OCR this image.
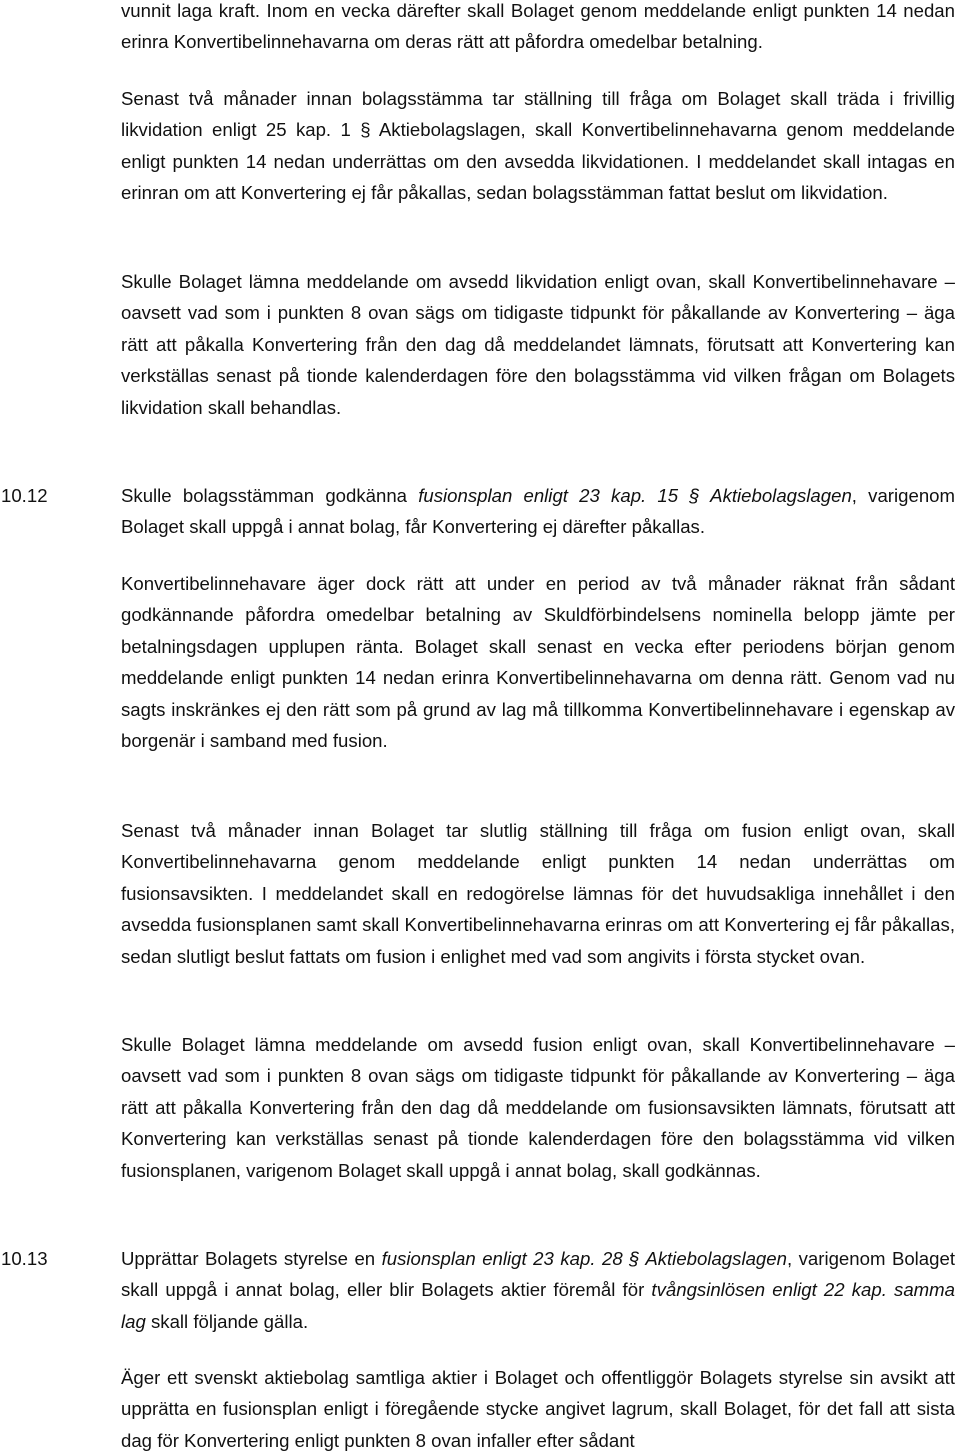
vunnit laga kraft. Inom en vecka därefter skall Bolaget genom meddelande enligt punkten 14 nedan erinra Konvertibelinnehavarna om deras rätt att påfordra omedelbar betalning.

Senast två månader innan bolagsstämma tar ställning till fråga om Bolaget skall träda i frivillig likvidation enligt 25 kap. 1 § Aktiebolagslagen, skall Konvertibelinnehavarna genom meddelande enligt punkten 14 nedan underrättas om den avsedda likvidationen. I meddelandet skall intagas en erinran om att Konvertering ej får påkallas, sedan bolagsstämman fattat beslut om likvidation.

Skulle Bolaget lämna meddelande om avsedd likvidation enligt ovan, skall Konvertibelinnehavare – oavsett vad som i punkten 8 ovan sägs om tidigaste tidpunkt för påkallande av Konvertering – äga rätt att påkalla Konvertering från den dag då meddelandet lämnats, förutsatt att Konvertering kan verkställas senast på tionde kalenderdagen före den bolagsstämma vid vilken frågan om Bolagets likvidation skall behandlas.

10.12	Skulle bolagsstämman godkänna fusionsplan enligt 23 kap. 15 § Aktiebolagslagen, varigenom Bolaget skall uppgå i annat bolag, får Konvertering ej därefter påkallas.

Konvertibelinnehavare äger dock rätt att under en period av två månader räknat från sådant godkännande påfordra omedelbar betalning av Skuldförbindelsens nominella belopp jämte per betalningsdagen upplupen ränta. Bolaget skall senast en vecka efter periodens början genom meddelande enligt punkten 14 nedan erinra Konvertibelinnehavarna om denna rätt. Genom vad nu sagts inskränkes ej den rätt som på grund av lag må tillkomma Konvertibelinnehavare i egenskap av borgenär i samband med fusion.

Senast två månader innan Bolaget tar slutlig ställning till fråga om fusion enligt ovan, skall Konvertibelinnehavarna genom meddelande enligt punkten 14 nedan underrättas om fusionsavsikten. I meddelandet skall en redogörelse lämnas för det huvudsakliga innehållet i den avsedda fusionsplanen samt skall Konvertibelinnehavarna erinras om att Konvertering ej får påkallas, sedan slutligt beslut fattats om fusion i enlighet med vad som angivits i första stycket ovan.

Skulle Bolaget lämna meddelande om avsedd fusion enligt ovan, skall Konvertibelinnehavare – oavsett vad som i punkten 8 ovan sägs om tidigaste tidpunkt för påkallande av Konvertering – äga rätt att påkalla Konvertering från den dag då meddelande om fusionsavsikten lämnats, förutsatt att Konvertering kan verkställas senast på tionde kalenderdagen före den bolagsstämma vid vilken fusionsplanen, varigenom Bolaget skall uppgå i annat bolag, skall godkännas.

10.13	Upprättar Bolagets styrelse en fusionsplan enligt 23 kap. 28 § Aktiebolagslagen, varigenom Bolaget skall uppgå i annat bolag, eller blir Bolagets aktier föremål för tvångsinlösen enligt 22 kap. samma lag skall följande gälla.

Äger ett svenskt aktiebolag samtliga aktier i Bolaget och offentliggör Bolagets styrelse sin avsikt att upprätta en fusionsplan enligt i föregående stycke angivet lagrum, skall Bolaget, för det fall att sista dag för Konvertering enligt punkten 8 ovan infaller efter sådant
